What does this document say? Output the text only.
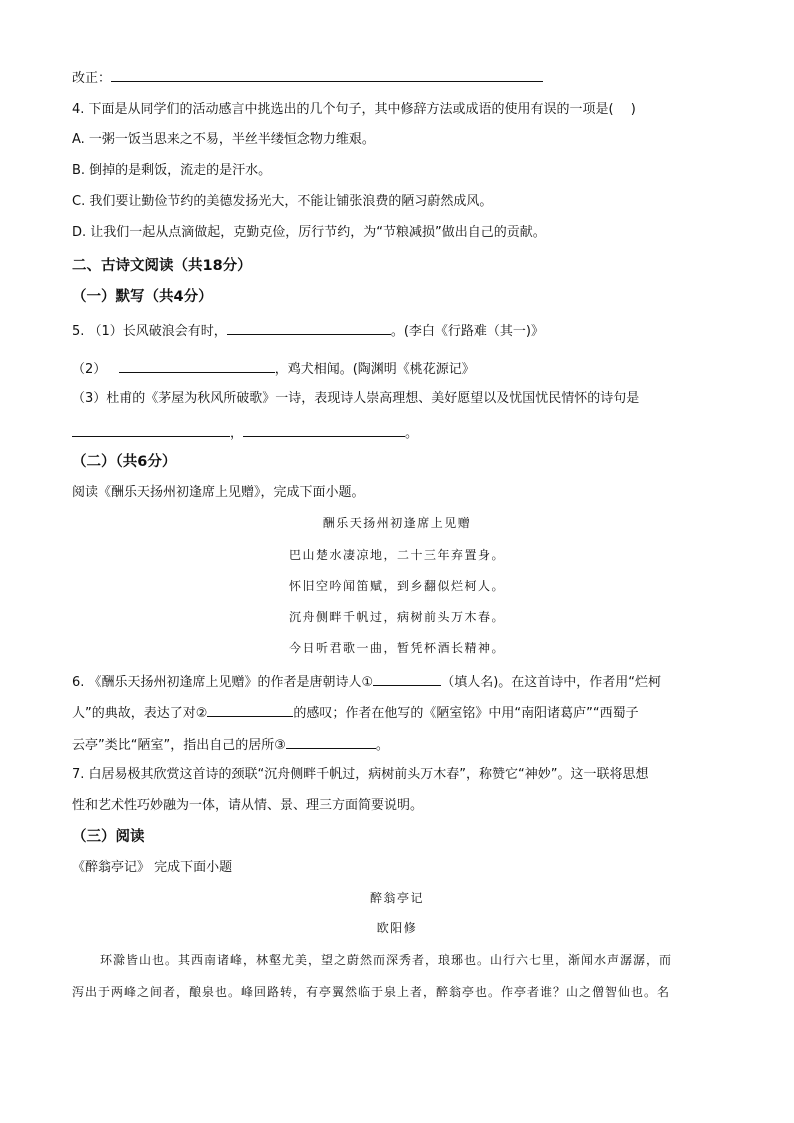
改正：
4. 下面是从同学们的活动感言中挑选出的几个句子，其中修辞方法或成语的使用有误的一项是(　 )
A. 一粥一饭当思来之不易，半丝半缕恒念物力维艰。
B. 倒掉的是剩饭，流走的是汗水。
C. 我们要让勤俭节约的美德发扬光大，不能让铺张浪费的陋习蔚然成风。
D. 让我们一起从点滴做起，克勤克俭，厉行节约，为“节粮减损”做出自己的贡献。
二、古诗文阅读（共18分）
（一）默写（共4分）
5. （1）长风破浪会有时，	。(李白《行路难（其一)》
（2）	，鸡犬相闻。(陶渊明《桃花源记》
（3）杜甫的《茅屋为秋风所破歌》一诗，表现诗人崇高理想、美好愿望以及忧国忧民情怀的诗句是
，	。
（二）（共6分）
阅读《酬乐天扬州初逢席上见赠》，完成下面小题。
酬乐天扬州初逢席上见赠
巴山楚水凄凉地，二十三年弃置身。
怀旧空吟闻笛赋，到乡翻似烂柯人。
沉舟侧畔千帆过，病树前头万木春。
今日听君歌一曲，暂凭杯酒长精神。
6. 《酬乐天扬州初逢席上见赠》的作者是唐朝诗人①	（填人名)。在这首诗中，作者用“烂柯
人”的典故，表达了对②	的感叹；作者在他写的《陋室铭》中用“南阳诸葛庐”“西蜀子
云亭”类比“陋室”，指出自己的居所③	。
7. 白居易极其欣赏这首诗的颈联“沉舟侧畔千帆过，病树前头万木春”，称赞它“神妙”。这一联将思想
性和艺术性巧妙融为一体，请从情、景、理三方面简要说明。
（三）阅读
《醉翁亭记》 完成下面小题
醉翁亭记
欧阳修
环滁皆山也。其西南诸峰，林壑尤美，望之蔚然而深秀者，琅琊也。山行六七里，渐闻水声潺潺，而
泻出于两峰之间者，酿泉也。峰回路转，有亭翼然临于泉上者，醉翁亭也。作亭者谁？山之僧智仙也。名
